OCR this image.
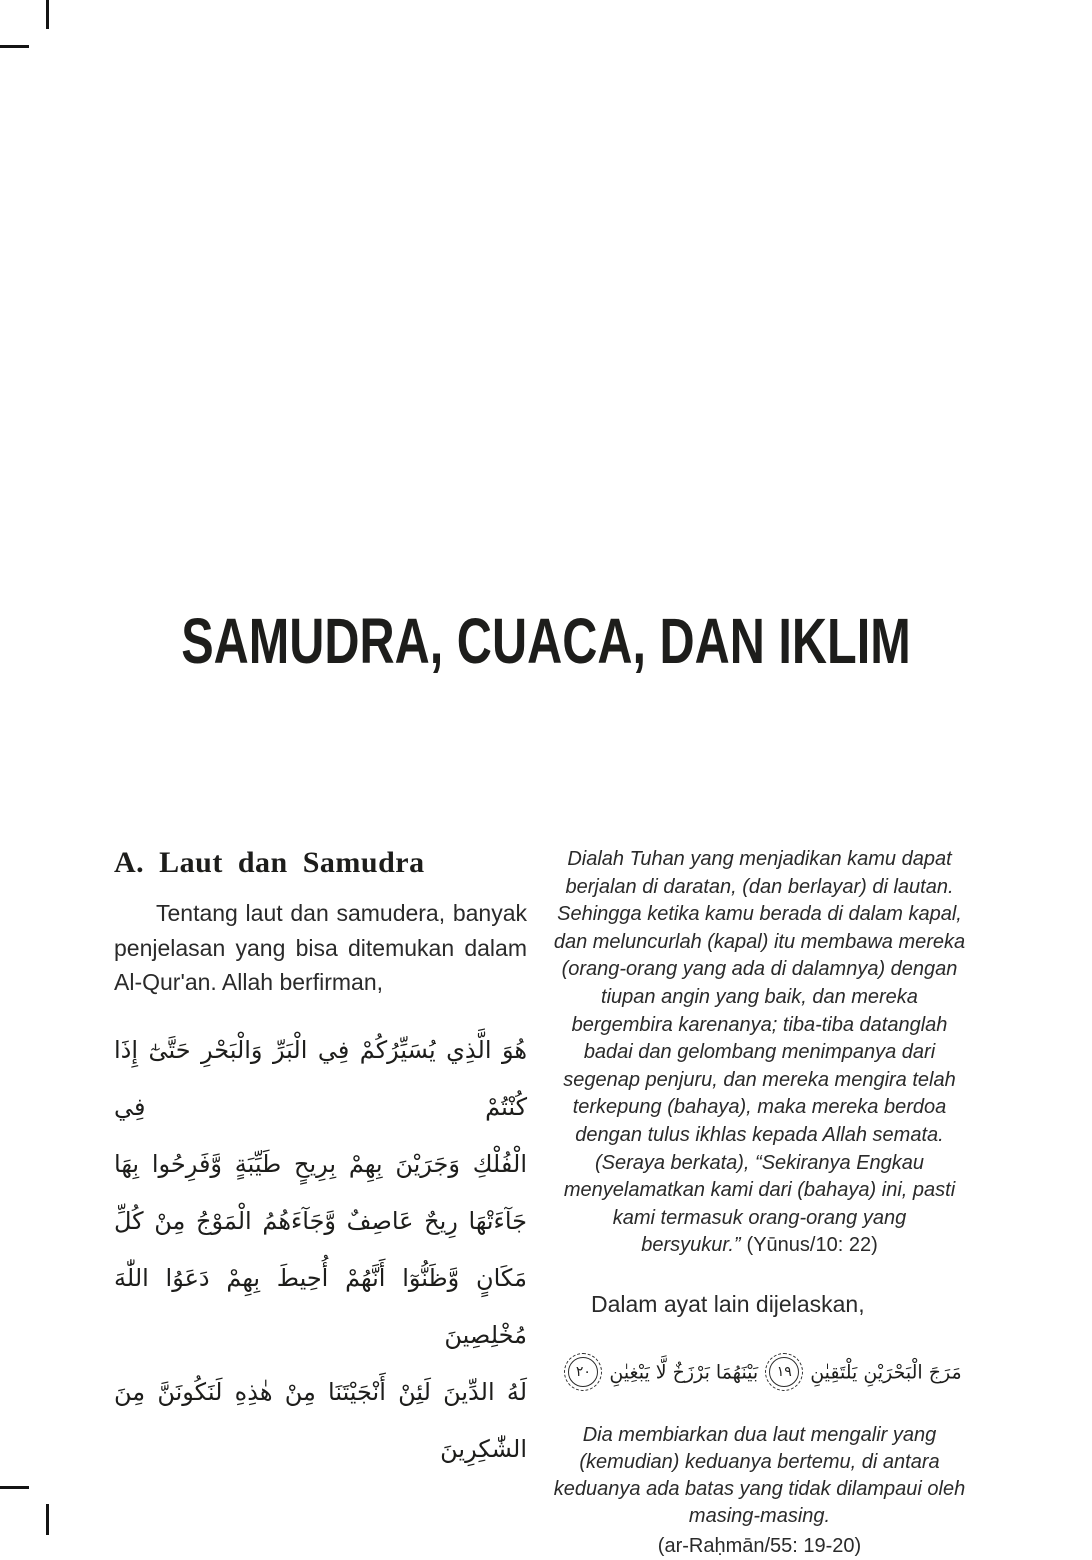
SAMUDRA, CUACA, DAN IKLIM
A. Laut dan Samudra

Tentang laut dan samudera, banyak penjelasan yang bisa ditemukan dalam Al-Qur'an. Allah berfirman,

هُوَ الَّذِي يُسَيِّرُكُمْ فِي الْبَرِّ وَالْبَحْرِ حَتَّىٰٓ إِذَا كُنْتُمْ فِي
الْفُلْكِ وَجَرَيْنَ بِهِمْ بِرِيحٍ طَيِّبَةٍ وَّفَرِحُوا بِهَا
جَآءَتْهَا رِيحٌ عَاصِفٌ وَّجَآءَهُمُ الْمَوْجُ مِنْ كُلِّ
مَكَانٍ وَّظَنُّوٓا أَنَّهُمْ أُحِيطَ بِهِمْ دَعَوُا اللّٰهَ مُخْلِصِينَ
لَهُ الدِّينَ لَئِنْ أَنْجَيْتَنَا مِنْ هٰذِهِ لَنَكُونَنَّ مِنَ
الشّٰكِرِينَ
Dialah Tuhan yang menjadikan kamu dapat berjalan di daratan, (dan berlayar) di lautan. Sehingga ketika kamu berada di dalam kapal, dan meluncurlah (kapal) itu membawa mereka (orang-orang yang ada di dalamnya) dengan tiupan angin yang baik, dan mereka bergembira karenanya; tiba-tiba datanglah badai dan gelombang menimpanya dari segenap penjuru, dan mereka mengira telah terkepung (bahaya), maka mereka berdoa dengan tulus ikhlas kepada Allah semata. (Seraya berkata), “Sekiranya Engkau menyelamatkan kami dari (bahaya) ini, pasti kami termasuk orang-orang yang bersyukur.” (Yūnus/10: 22)

Dalam ayat lain dijelaskan,

مَرَجَ الْبَحْرَيْنِ يَلْتَقِيٰنِ
١٩
بَيْنَهُمَا بَرْزَخٌ لَّا يَبْغِيٰنِ
٢٠
Dia membiarkan dua laut mengalir yang (kemudian) keduanya bertemu, di antara keduanya ada batas yang tidak dilampaui oleh masing-masing.
(ar-Raḥmān/55: 19-20)
